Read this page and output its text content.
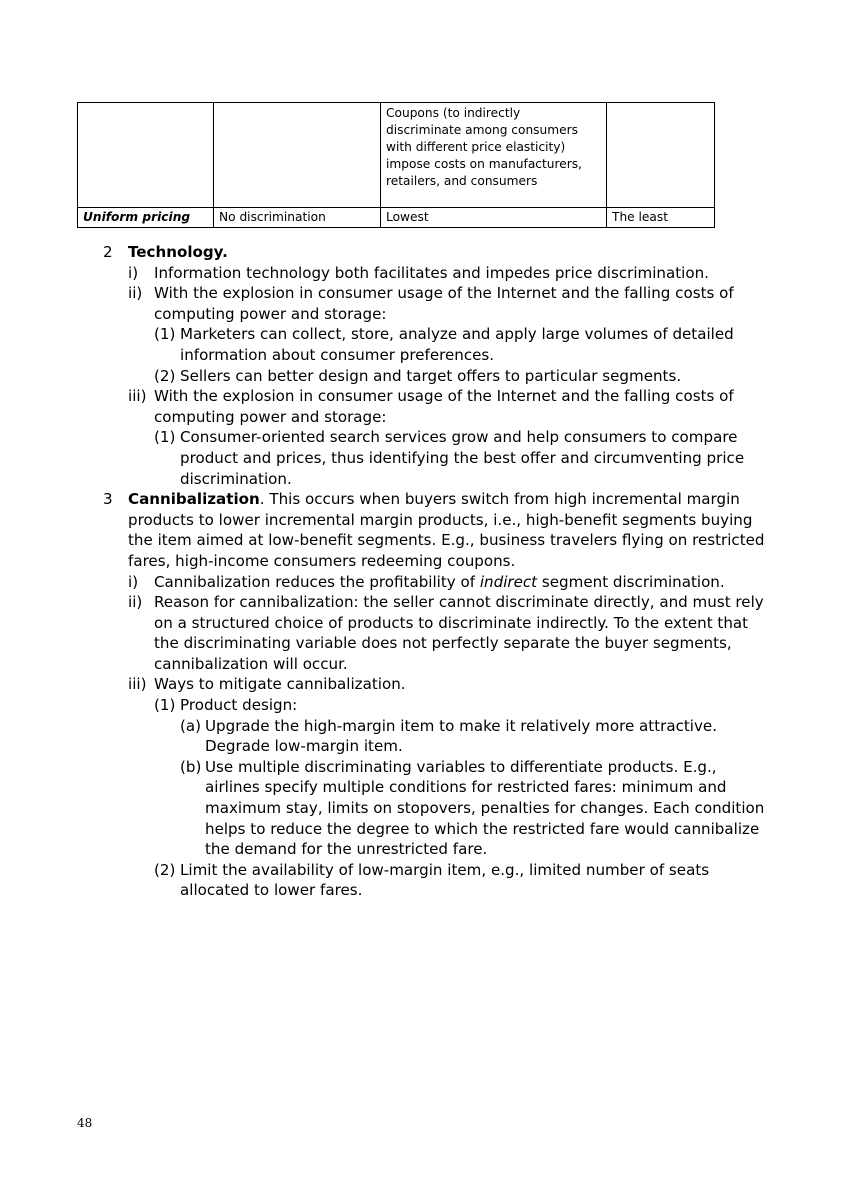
		Coupons (to indirectly
discriminate among consumers
with different price elasticity)
impose costs on manufacturers,
retailers, and consumers	

Uniform pricing	No discrimination	Lowest	The least
2 Technology.
i) Information technology both facilitates and impedes price discrimination.
ii) With the explosion in consumer usage of the Internet and the falling costs of
computing power and storage:
(1) Marketers can collect, store, analyze and apply large volumes of detailed
information about consumer preferences.
(2) Sellers can better design and target offers to particular segments.
iii) With the explosion in consumer usage of the Internet and the falling costs of
computing power and storage:
(1) Consumer-oriented search services grow and help consumers to compare
product and prices, thus identifying the best offer and circumventing price
discrimination.
3 Cannibalization. This occurs when buyers switch from high incremental margin
products to lower incremental margin products, i.e., high-benefit segments buying
the item aimed at low-benefit segments. E.g., business travelers flying on restricted
fares, high-income consumers redeeming coupons.
i) Cannibalization reduces the profitability of indirect segment discrimination.
ii) Reason for cannibalization: the seller cannot discriminate directly, and must rely
on a structured choice of products to discriminate indirectly. To the extent that
the discriminating variable does not perfectly separate the buyer segments,
cannibalization will occur.
iii) Ways to mitigate cannibalization.
(1) Product design:
(a) Upgrade the high-margin item to make it relatively more attractive.
Degrade low-margin item.
(b) Use multiple discriminating variables to differentiate products. E.g.,
airlines specify multiple conditions for restricted fares: minimum and
maximum stay, limits on stopovers, penalties for changes. Each condition
helps to reduce the degree to which the restricted fare would cannibalize
the demand for the unrestricted fare.
(2) Limit the availability of low-margin item, e.g., limited number of seats
allocated to lower fares.
48
